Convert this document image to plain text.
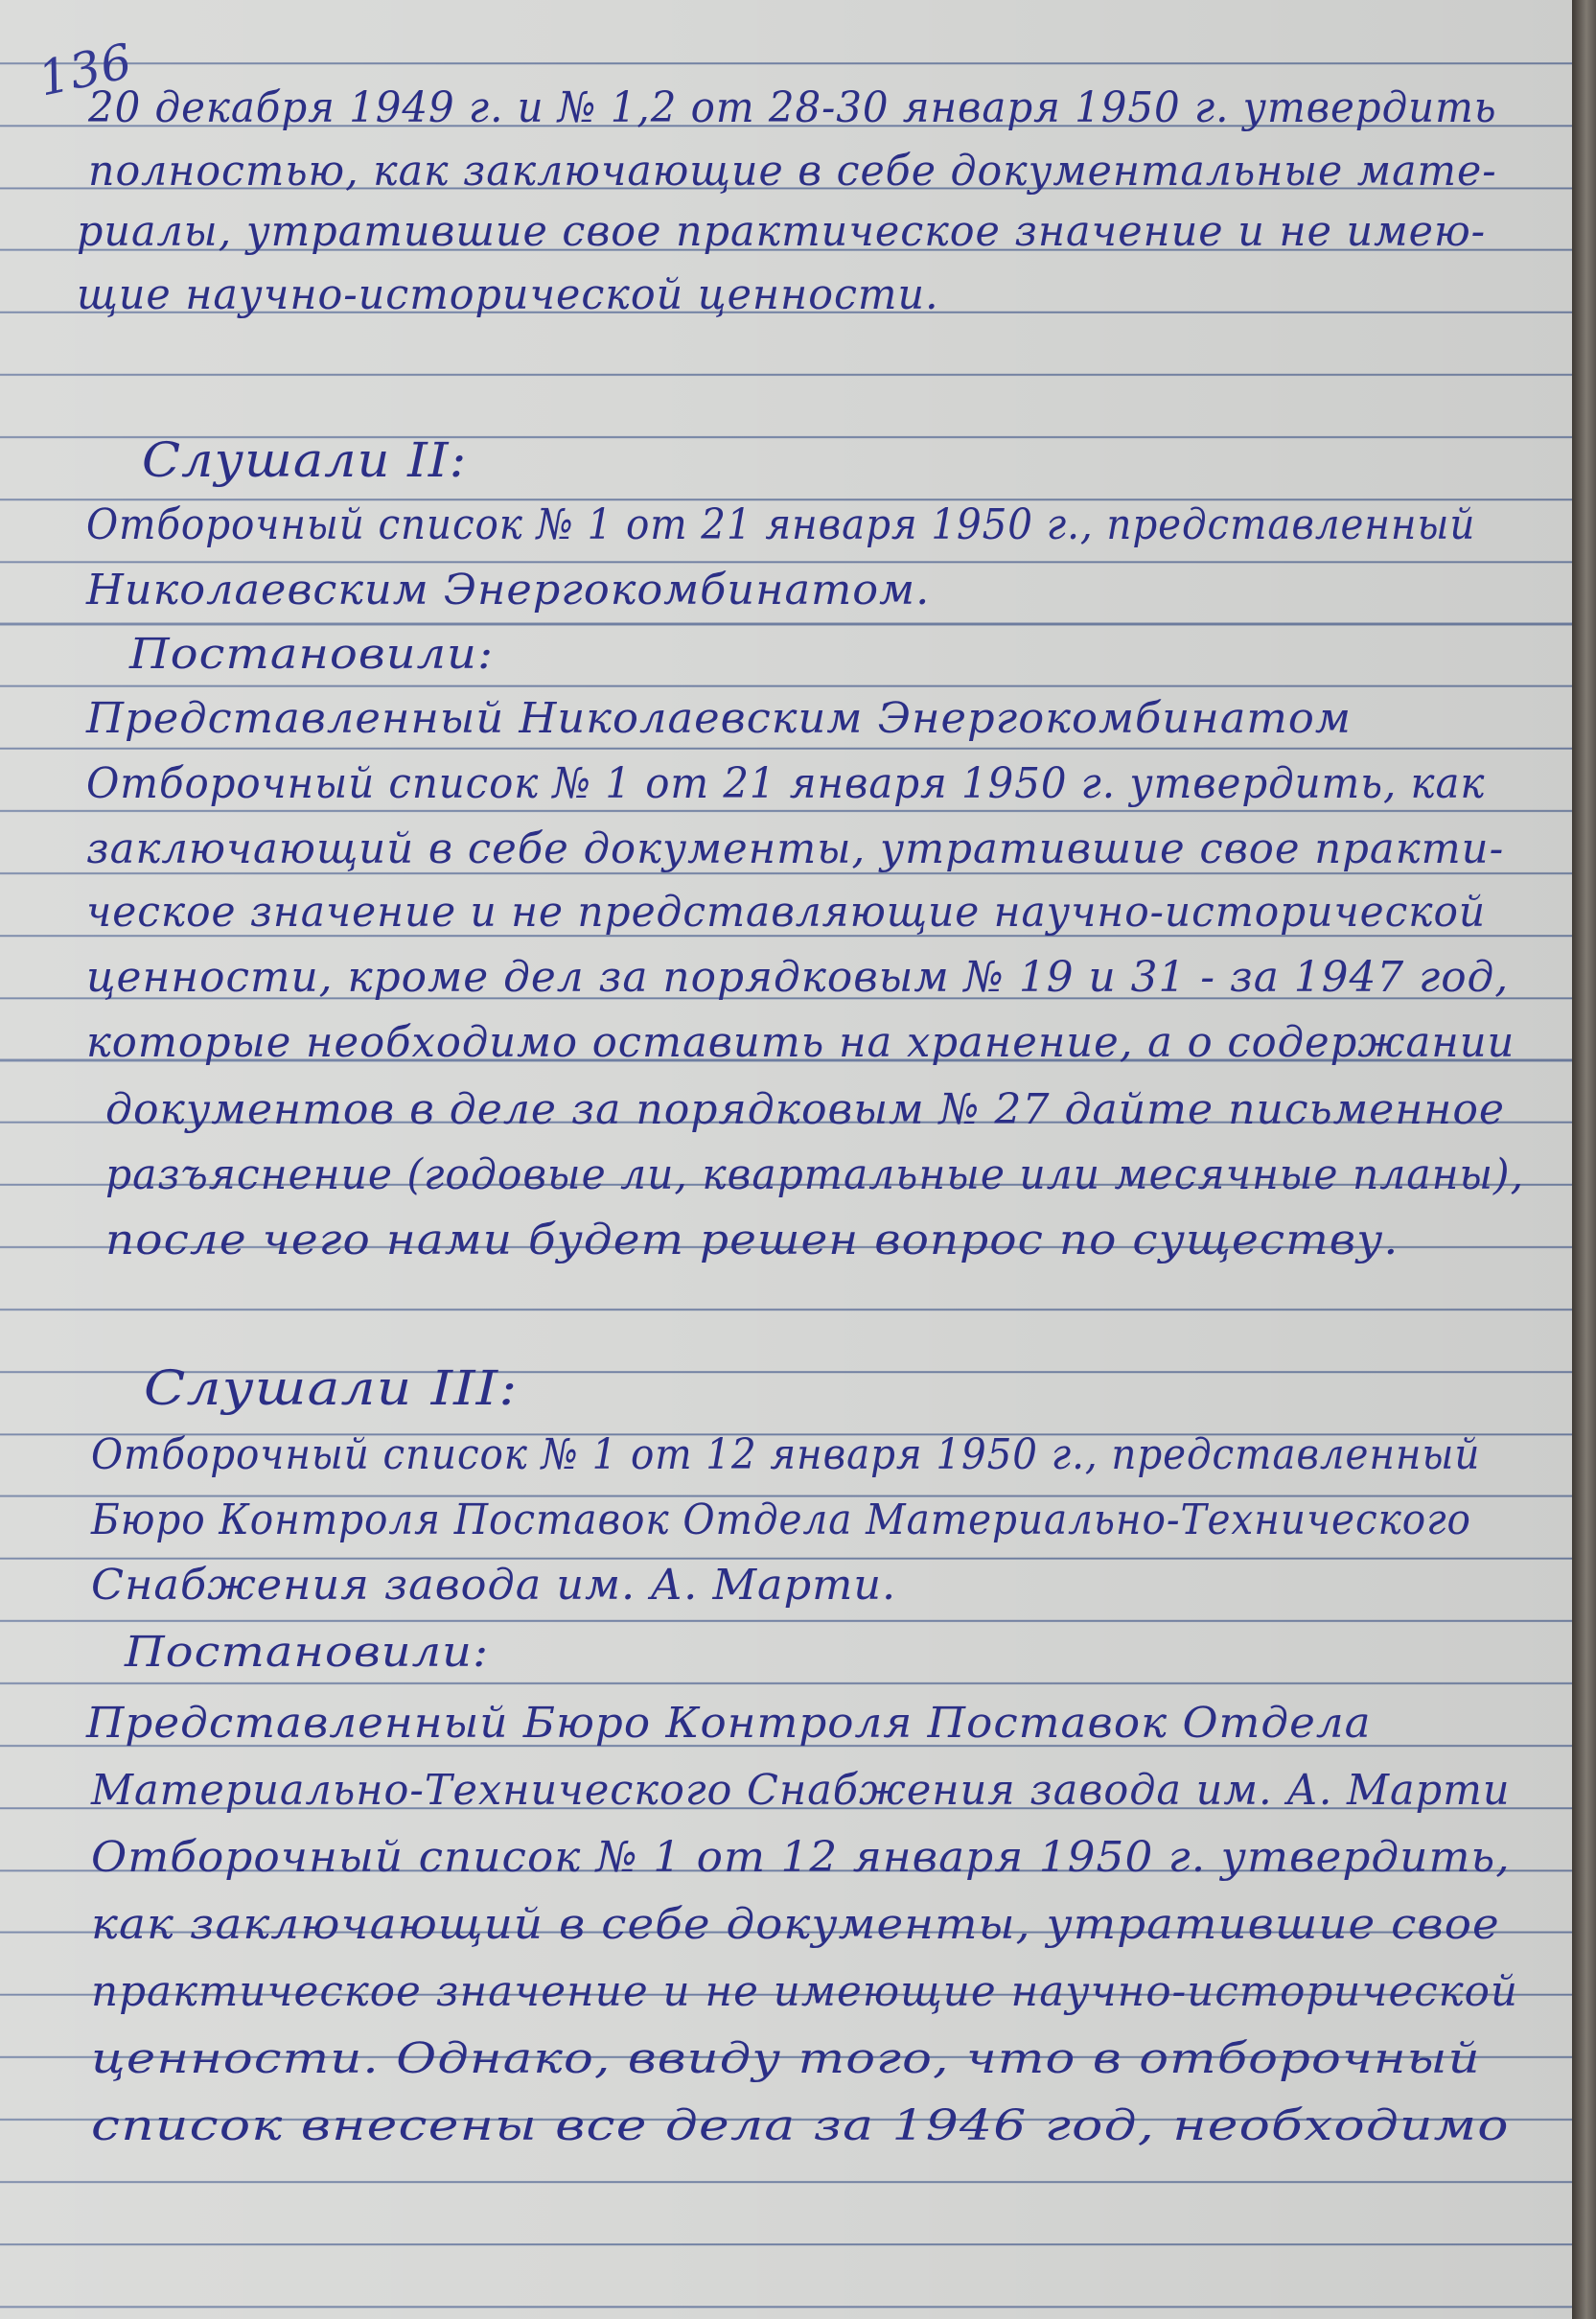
136
20 декабря 1949 г. и № 1,2 от 28-30 января 1950 г. утвердить
полностью, как заключающие в себе документальные мате-
риалы, утратившие свое практическое значение и не имею-
щие научно-исторической ценности.
Слушали II:
Отборочный список № 1 от 21 января 1950 г., представленный
Николаевским Энергокомбинатом.
Постановили:
Представленный Николаевским Энергокомбинатом
Отборочный список № 1 от 21 января 1950 г. утвердить, как
заключающий в себе документы, утратившие свое практи-
ческое значение и не представляющие научно-исторической
ценности, кроме дел за порядковым № 19 и 31 - за 1947 год,
которые необходимо оставить на хранение, а о содержании
документов в деле за порядковым № 27 дайте письменное
разъяснение (годовые ли, квартальные или месячные планы),
после чего нами будет решен вопрос по существу.
Слушали III:
Отборочный список № 1 от 12 января 1950 г., представленный
Бюро Контроля Поставок Отдела Материально-Технического
Снабжения завода им. А. Марти.
Постановили:
Представленный Бюро Контроля Поставок Отдела
Материально-Технического Снабжения завода им. А. Марти
Отборочный список № 1 от 12 января 1950 г. утвердить,
как заключающий в себе документы, утратившие свое
практическое значение и не имеющие научно-исторической
ценности. Однако, ввиду того, что в отборочный
список внесены все дела за 1946 год, необходимо
